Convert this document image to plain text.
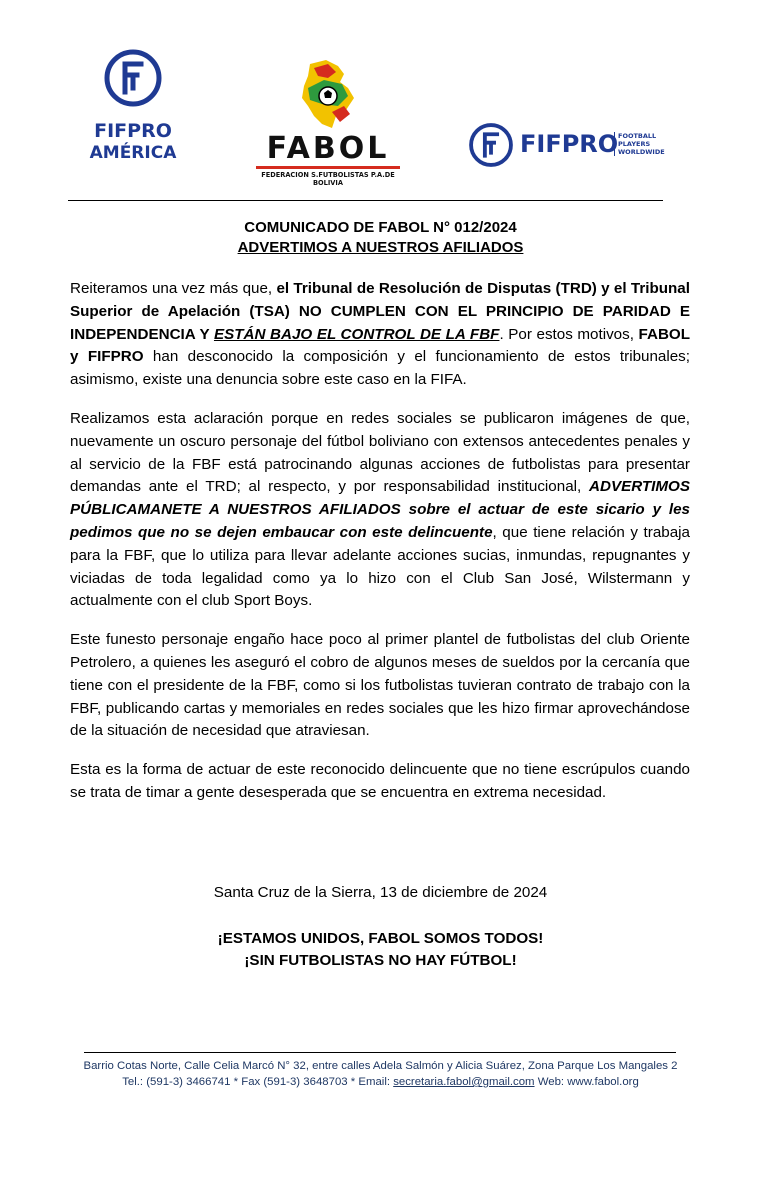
FIFPRO
AMÉRICA	FABOL
FEDERACION S.FUTBOLISTAS P.A.DE BOLIVIA
FIFPRO FOOTBALL
PLAYERS
WORLDWIDE
COMUNICADO DE FABOL N° 012/2024
ADVERTIMOS A NUESTROS AFILIADOS

Reiteramos una vez más que, el Tribunal de Resolución de Disputas (TRD) y el Tribunal Superior de Apelación (TSA) NO CUMPLEN CON EL PRINCIPIO DE PARIDAD E INDEPENDENCIA Y ESTÁN BAJO EL CONTROL DE LA FBF. Por estos motivos, FABOL y FIFPRO han desconocido la composición y el funcionamiento de estos tribunales; asimismo, existe una denuncia sobre este caso en la FIFA.

Realizamos esta aclaración porque en redes sociales se publicaron imágenes de que, nuevamente un oscuro personaje del fútbol boliviano con extensos antecedentes penales y al servicio de la FBF está patrocinando algunas acciones de futbolistas para presentar demandas ante el TRD; al respecto, y por responsabilidad institucional, ADVERTIMOS PÚBLICAMANETE A NUESTROS AFILIADOS sobre el actuar de este sicario y les pedimos que no se dejen embaucar con este delincuente, que tiene relación y trabaja para la FBF, que lo utiliza para llevar adelante acciones sucias, inmundas, repugnantes y viciadas de toda legalidad como ya lo hizo con el Club San José, Wilstermann y actualmente con el club Sport Boys.

Este funesto personaje engaño hace poco al primer plantel de futbolistas del club Oriente Petrolero, a quienes les aseguró el cobro de algunos meses de sueldos por la cercanía que tiene con el presidente de la FBF, como si los futbolistas tuvieran contrato de trabajo con la FBF, publicando cartas y memoriales en redes sociales que les hizo firmar aprovechándose de la situación de necesidad que atraviesan.

Esta es la forma de actuar de este reconocido delincuente que no tiene escrúpulos cuando se trata de timar a gente desesperada que se encuentra en extrema necesidad.

Santa Cruz de la Sierra, 13 de diciembre de 2024
¡ESTAMOS UNIDOS, FABOL SOMOS TODOS!
¡SIN FUTBOLISTAS NO HAY FÚTBOL!
Barrio Cotas Norte, Calle Celia Marcó N° 32, entre calles Adela Salmón y Alicia Suárez, Zona Parque Los Mangales 2
Tel.: (591-3) 3466741 * Fax (591-3) 3648703 * Email: secretaria.fabol@gmail.com Web: www.fabol.org
